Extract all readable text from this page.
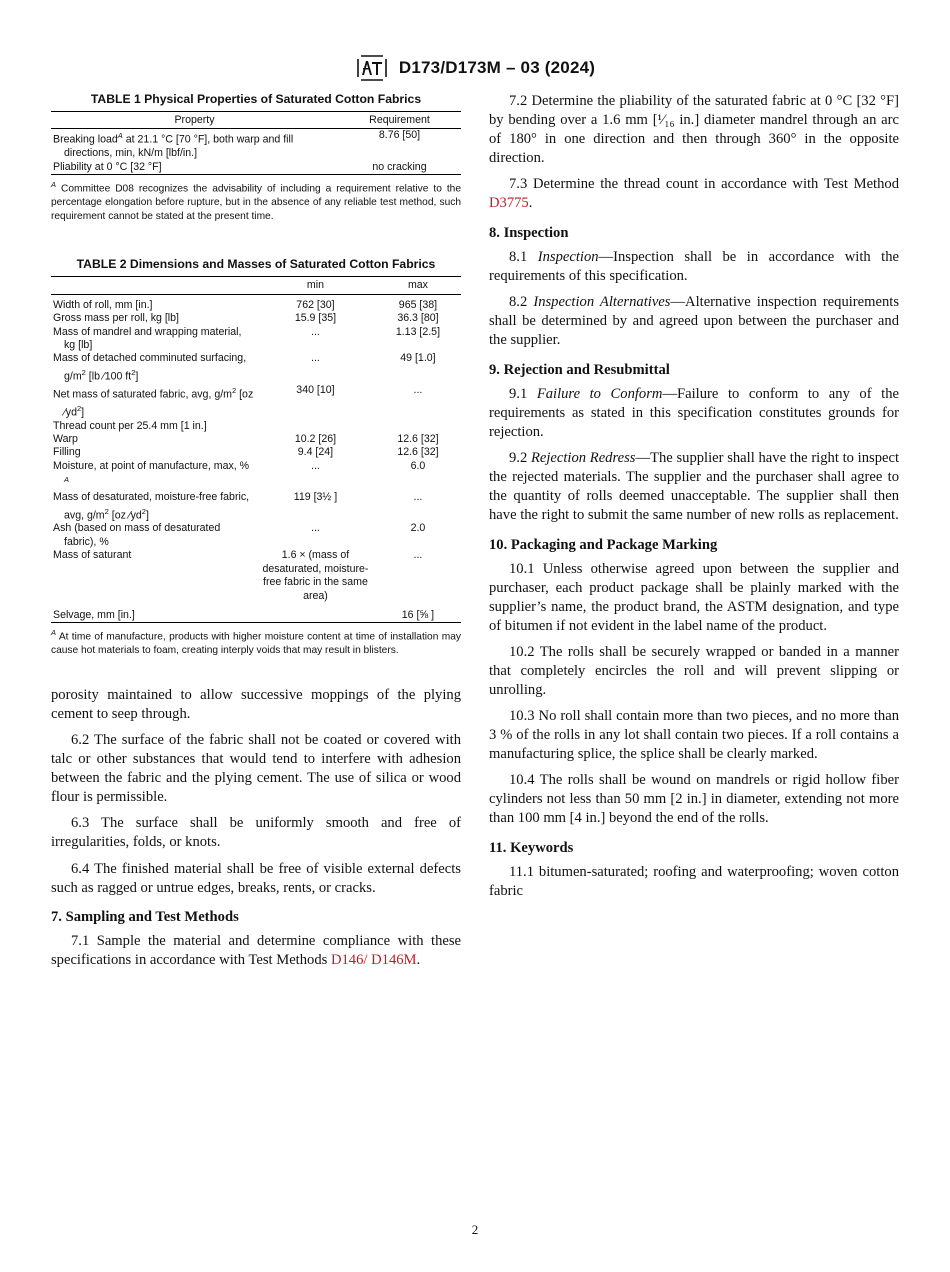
D173/D173M – 03 (2024)
TABLE 1 Physical Properties of Saturated Cotton Fabrics
Property	Requirement

Breaking load$^A$ at 21.1 °C [70 °F], both warp and fill directions, min, kN/m [lbf/in.]	8.76 [50]
Pliability at 0 °C [32 °F]	no cracking

$^A$ Committee D08 recognizes the advisability of including a requirement relative to the percentage elongation before rupture, but in the absence of any reliable test method, such requirement cannot be stated at the present time.

TABLE 2 Dimensions and Masses of Saturated Cotton Fabrics
	min	max

Width of roll, mm [in.]	762 [30]	965 [38]
Gross mass per roll, kg [lb]	15.9 [35]	36.3 [80]

Mass of mandrel and wrapping material, kg [lb]	...	1.13 [2.5]

Mass of detached comminuted surfacing, $g/m^2$ [lb ⁄100 $ft^2$]	...	49 [1.0]

Net mass of saturated fabric, avg, $g/m^2$ [oz $⁄yd^2$]	340 [10]	...
Thread count per 25.4 mm [1 in.]		
Warp	10.2 [26]	12.6 [32]
Filling	9.4 [24]	12.6 [32]

Moisture, at point of manufacture, max, % $^A$	...	6.0

Mass of desaturated, moisture-free fabric, avg, $g/m^2$ [oz $⁄yd^2$]	119 [3½ ]	...

Ash (based on mass of desaturated fabric), %	...	2.0
Mass of saturant	1.6 × (mass of desaturated, moisture-free fabric in the same area)	...
Selvage, mm [in.]		16 [⅝ ]

$^A$ At time of manufacture, products with higher moisture content at time of installation may cause hot materials to foam, creating interply voids that may result in blisters.

porosity maintained to allow successive moppings of the plying cement to seep through.

6.2 The surface of the fabric shall not be coated or covered with talc or other substances that would tend to interfere with adhesion between the fabric and the plying cement. The use of silica or wood flour is permissible.

6.3 The surface shall be uniformly smooth and free of irregularities, folds, or knots.

6.4 The finished material shall be free of visible external defects such as ragged or untrue edges, breaks, rents, or cracks.

7. Sampling and Test Methods

7.1 Sample the material and determine compliance with these specifications in accordance with Test Methods D146/ D146M.

7.2 Determine the pliability of the saturated fabric at 0 °C [32 °F] by bending over a 1.6 mm [¹⁄₁₆ in.] diameter mandrel through an arc of 180° in one direction and then through 360° in the opposite direction.

7.3 Determine the thread count in accordance with Test Method D3775.

8. Inspection

8.1 Inspection—Inspection shall be in accordance with the requirements of this specification.

8.2 Inspection Alternatives—Alternative inspection requirements shall be determined by and agreed upon between the purchaser and the supplier.

9. Rejection and Resubmittal

9.1 Failure to Conform—Failure to conform to any of the requirements as stated in this specification constitutes grounds for rejection.

9.2 Rejection Redress—The supplier shall have the right to inspect the rejected materials. The supplier and the purchaser shall agree to the quantity of rolls deemed unacceptable. The supplier shall then have the right to submit the same number of new rolls as replacement.

10. Packaging and Package Marking

10.1 Unless otherwise agreed upon between the supplier and purchaser, each product package shall be plainly marked with the supplier’s name, the product brand, the ASTM designation, and type of bitumen if not evident in the label name of the product.

10.2 The rolls shall be securely wrapped or banded in a manner that completely encircles the roll and will prevent slipping or unrolling.

10.3 No roll shall contain more than two pieces, and no more than 3 % of the rolls in any lot shall contain two pieces. If a roll contains a manufacturing splice, the splice shall be clearly marked.

10.4 The rolls shall be wound on mandrels or rigid hollow fiber cylinders not less than 50 mm [2 in.] in diameter, extending not more than 100 mm [4 in.] beyond the end of the rolls.

11. Keywords

11.1 bitumen-saturated; roofing and waterproofing; woven cotton fabric

2
